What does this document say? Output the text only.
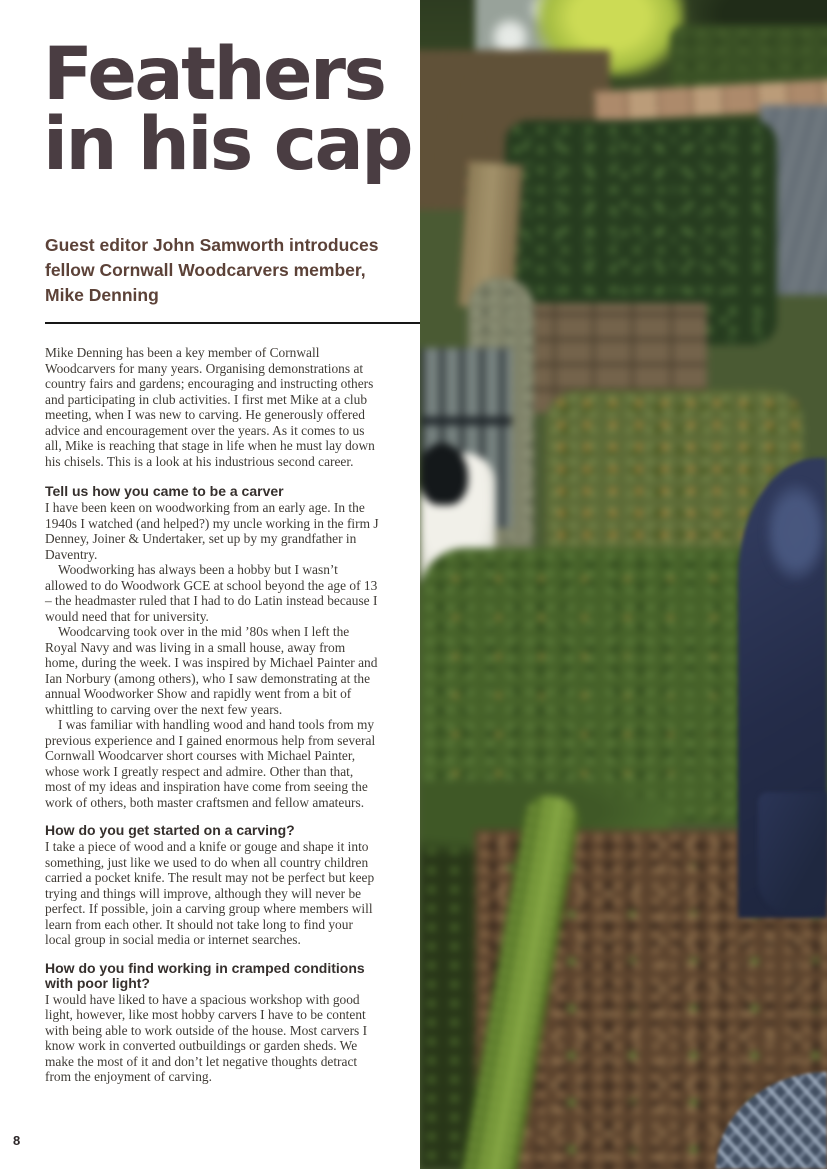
Feathers
in his cap
Guest editor John Samworth introduces fellow Cornwall Woodcarvers member, Mike Denning

Mike Denning has been a key member of Cornwall Woodcarvers for many years. Organising demonstrations at country fairs and gardens; encouraging and instructing others and participating in club activities. I first met Mike at a club meeting, when I was new to carving. He generously offered advice and encouragement over the years. As it comes to us all, Mike is reaching that stage in life when he must lay down his chisels. This is a look at his industrious second career.

Tell us how you came to be a carver

I have been keen on woodworking from an early age. In the 1940s I watched (and helped?) my uncle working in the firm J Denney, Joiner & Undertaker, set up by my grandfather in Daventry.

Woodworking has always been a hobby but I wasn’t allowed to do Woodwork GCE at school beyond the age of 13 – the headmaster ruled that I had to do Latin instead because I would need that for university.

Woodcarving took over in the mid ’80s when I left the Royal Navy and was living in a small house, away from home, during the week. I was inspired by Michael Painter and Ian Norbury (among others), who I saw demonstrating at the annual Woodworker Show and rapidly went from a bit of whittling to carving over the next few years.

I was familiar with handling wood and hand tools from my previous experience and I gained enormous help from several Cornwall Woodcarver short courses with Michael Painter, whose work I greatly respect and admire. Other than that, most of my ideas and inspiration have come from seeing the work of others, both master craftsmen and fellow amateurs.

How do you get started on a carving?

I take a piece of wood and a knife or gouge and shape it into something, just like we used to do when all country children carried a pocket knife. The result may not be perfect but keep trying and things will improve, although they will never be perfect. If possible, join a carving group where members will learn from each other. It should not take long to find your local group in social media or internet searches.

How do you find working in cramped conditions with poor light?

I would have liked to have a spacious workshop with good light, however, like most hobby carvers I have to be content with being able to work outside of the house. Most carvers I know work in converted outbuildings or garden sheds. We make the most of it and don’t let negative thoughts detract from the enjoyment of carving.

8
